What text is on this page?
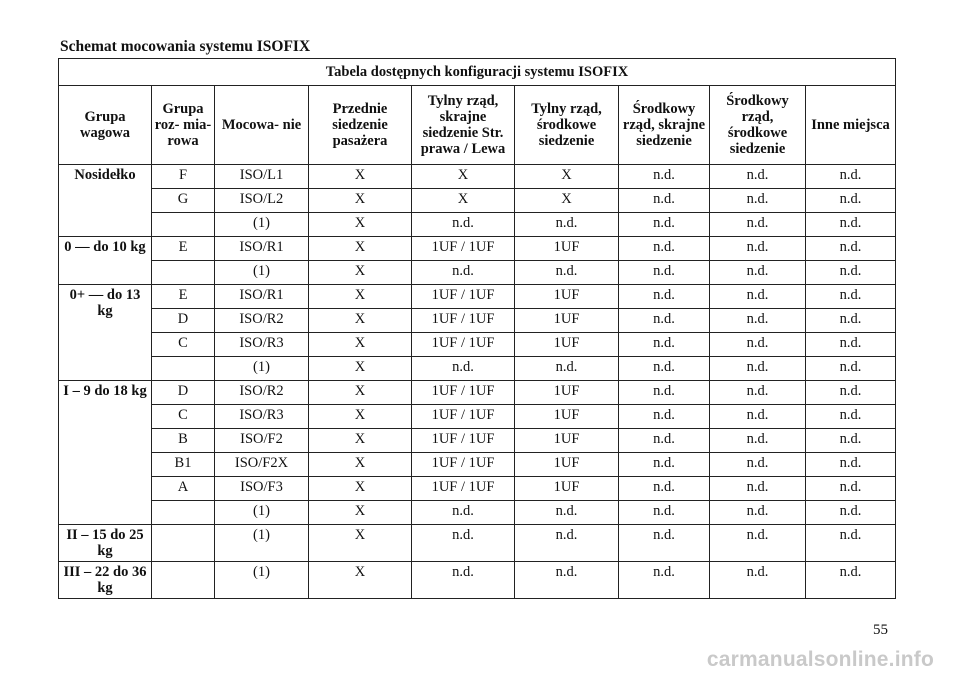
Schemat mocowania systemu ISOFIX
Tabela dostępnych konfiguracji systemu ISOFIX								
Grupa wagowa	Grupa roz- mia- rowa	Mocowa- nie	Przednie siedzenie pasażera	Tylny rząd, skrajne siedzenie Str. prawa / Lewa	Tylny rząd, środkowe siedzenie	Środkowy rząd, skrajne siedzenie	Środkowy rząd, środkowe siedzenie	Inne miejsca
Nosidełko	F	ISO/L1	X	X	X	n.d.	n.d.	n.d.
	G	ISO/L2	X	X	X	n.d.	n.d.	n.d.
		(1)	X	n.d.	n.d.	n.d.	n.d.	n.d.
0 — do 10 kg	E	ISO/R1	X	1UF / 1UF	1UF	n.d.	n.d.	n.d.
		(1)	X	n.d.	n.d.	n.d.	n.d.	n.d.
0+ — do 13 kg	E	ISO/R1	X	1UF / 1UF	1UF	n.d.	n.d.	n.d.
	D	ISO/R2	X	1UF / 1UF	1UF	n.d.	n.d.	n.d.
	C	ISO/R3	X	1UF / 1UF	1UF	n.d.	n.d.	n.d.
		(1)	X	n.d.	n.d.	n.d.	n.d.	n.d.
I – 9 do 18 kg	D	ISO/R2	X	1UF / 1UF	1UF	n.d.	n.d.	n.d.
	C	ISO/R3	X	1UF / 1UF	1UF	n.d.	n.d.	n.d.
	B	ISO/F2	X	1UF / 1UF	1UF	n.d.	n.d.	n.d.
	B1	ISO/F2X	X	1UF / 1UF	1UF	n.d.	n.d.	n.d.
	A	ISO/F3	X	1UF / 1UF	1UF	n.d.	n.d.	n.d.
		(1)	X	n.d.	n.d.	n.d.	n.d.	n.d.
II – 15 do 25 kg		(1)	X	n.d.	n.d.	n.d.	n.d.	n.d.
III – 22 do 36 kg		(1)	X	n.d.	n.d.	n.d.	n.d.	n.d.
55
carmanualsonline.info
